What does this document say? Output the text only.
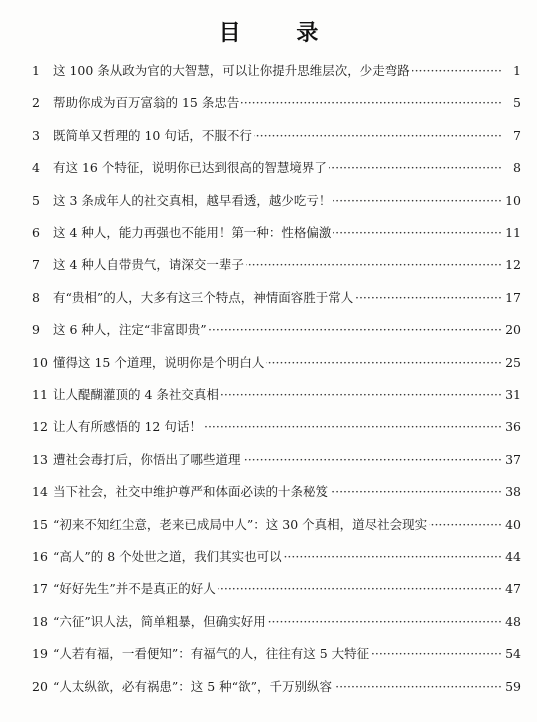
目 录
1	这 100 条从政为官的大智慧，可以让你提升思维层次，少走弯路 ·····	1
2	帮助你成为百万富翁的 15 条忠告 ·····	5
3	既简单又哲理的 10 句话，不服不行 ·····	7
4	有这 16 个特征，说明你已达到很高的智慧境界了 ·····	8
5	这 3 条成年人的社交真相，越早看透，越少吃亏！ ·····	10
6	这 4 种人，能力再强也不能用！第一种：性格偏激 ·····	11
7	这 4 种人自带贵气，请深交一辈子 ·····	12
8	有“贵相”的人，大多有这三个特点，神情面容胜于常人 ·····	17
9	这 6 种人，注定“非富即贵” ·····	20
10 懂得这 15 个道理，说明你是个明白人 ·····	25
11 让人醍醐灌顶的 4 条社交真相 ·····	31
12 让人有所感悟的 12 句话！ ·····	36
13 遭社会毒打后，你悟出了哪些道理 ·····	37
14 当下社会，社交中维护尊严和体面必读的十条秘笈 ·····	38
15 “初来不知红尘意，老来已成局中人”：这 30 个真相，道尽社会现实 ·····	40
16 “高人”的 8 个处世之道，我们其实也可以 ·····	44
17 “好好先生”并不是真正的好人 ·····	47
18 “六征”识人法，简单粗暴，但确实好用 ·····	48
19 “人若有福，一看便知”：有福气的人，往往有这 5 大特征 ·····	54
20 “人太纵欲，必有祸患”：这 5 种“欲”，千万别纵容 ·····	59
